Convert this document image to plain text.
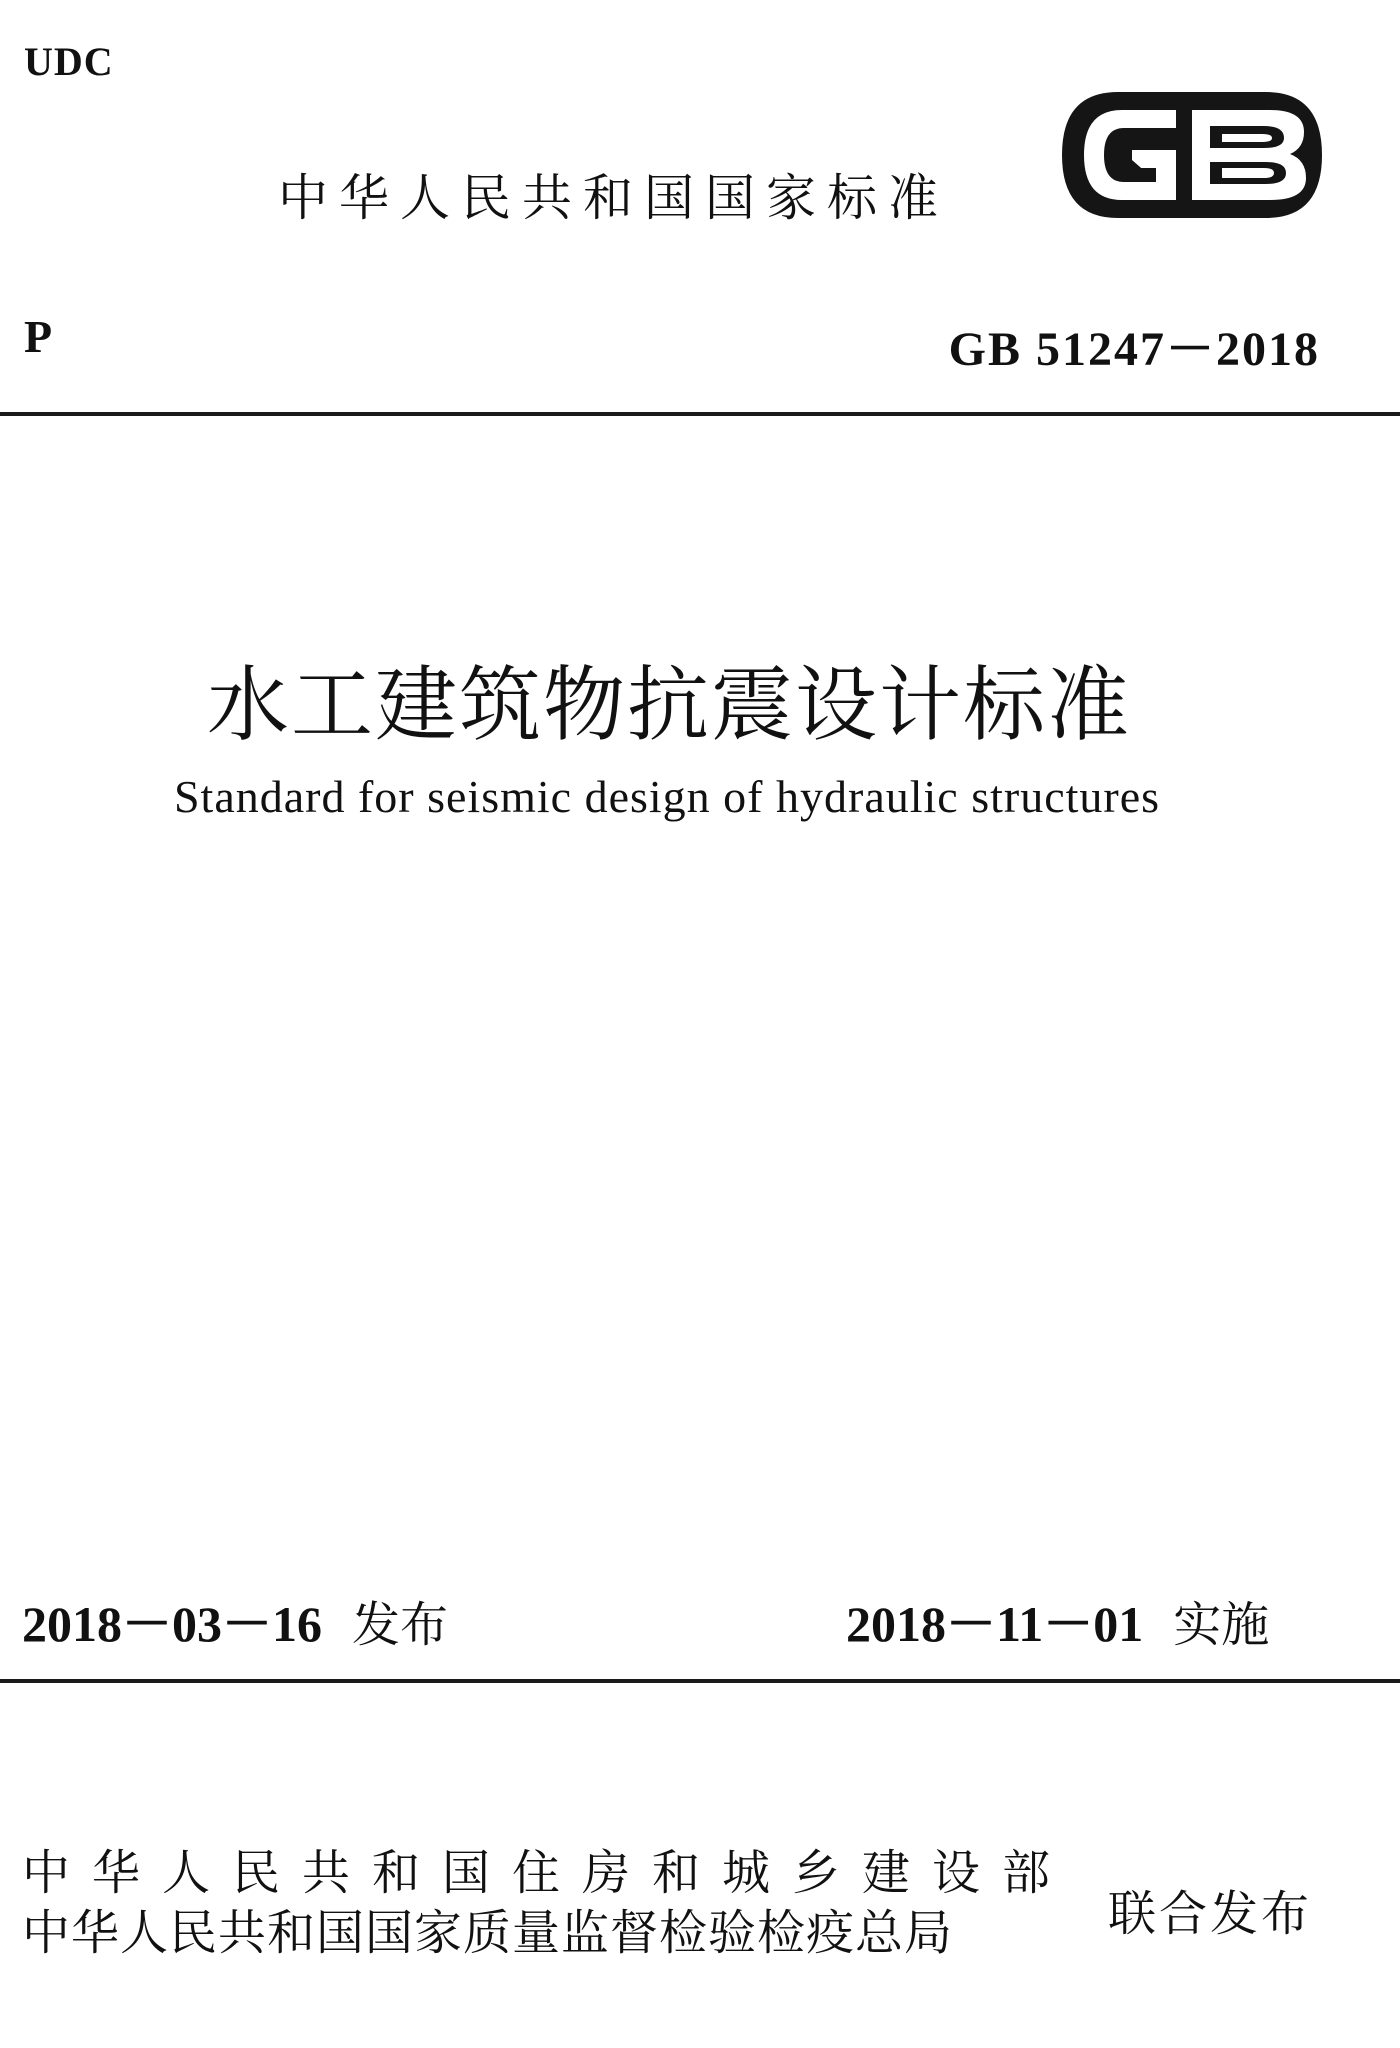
UDC
中华人民共和国国家标准
P	GB 51247－2018
水工建筑物抗震设计标准
Standard for seismic design of hydraulic structures
2018－03－16 发布	2018－11－01 实施
中华人民共和国住房和城乡建设部
中华人民共和国国家质量监督检验检疫总局	联合发布
